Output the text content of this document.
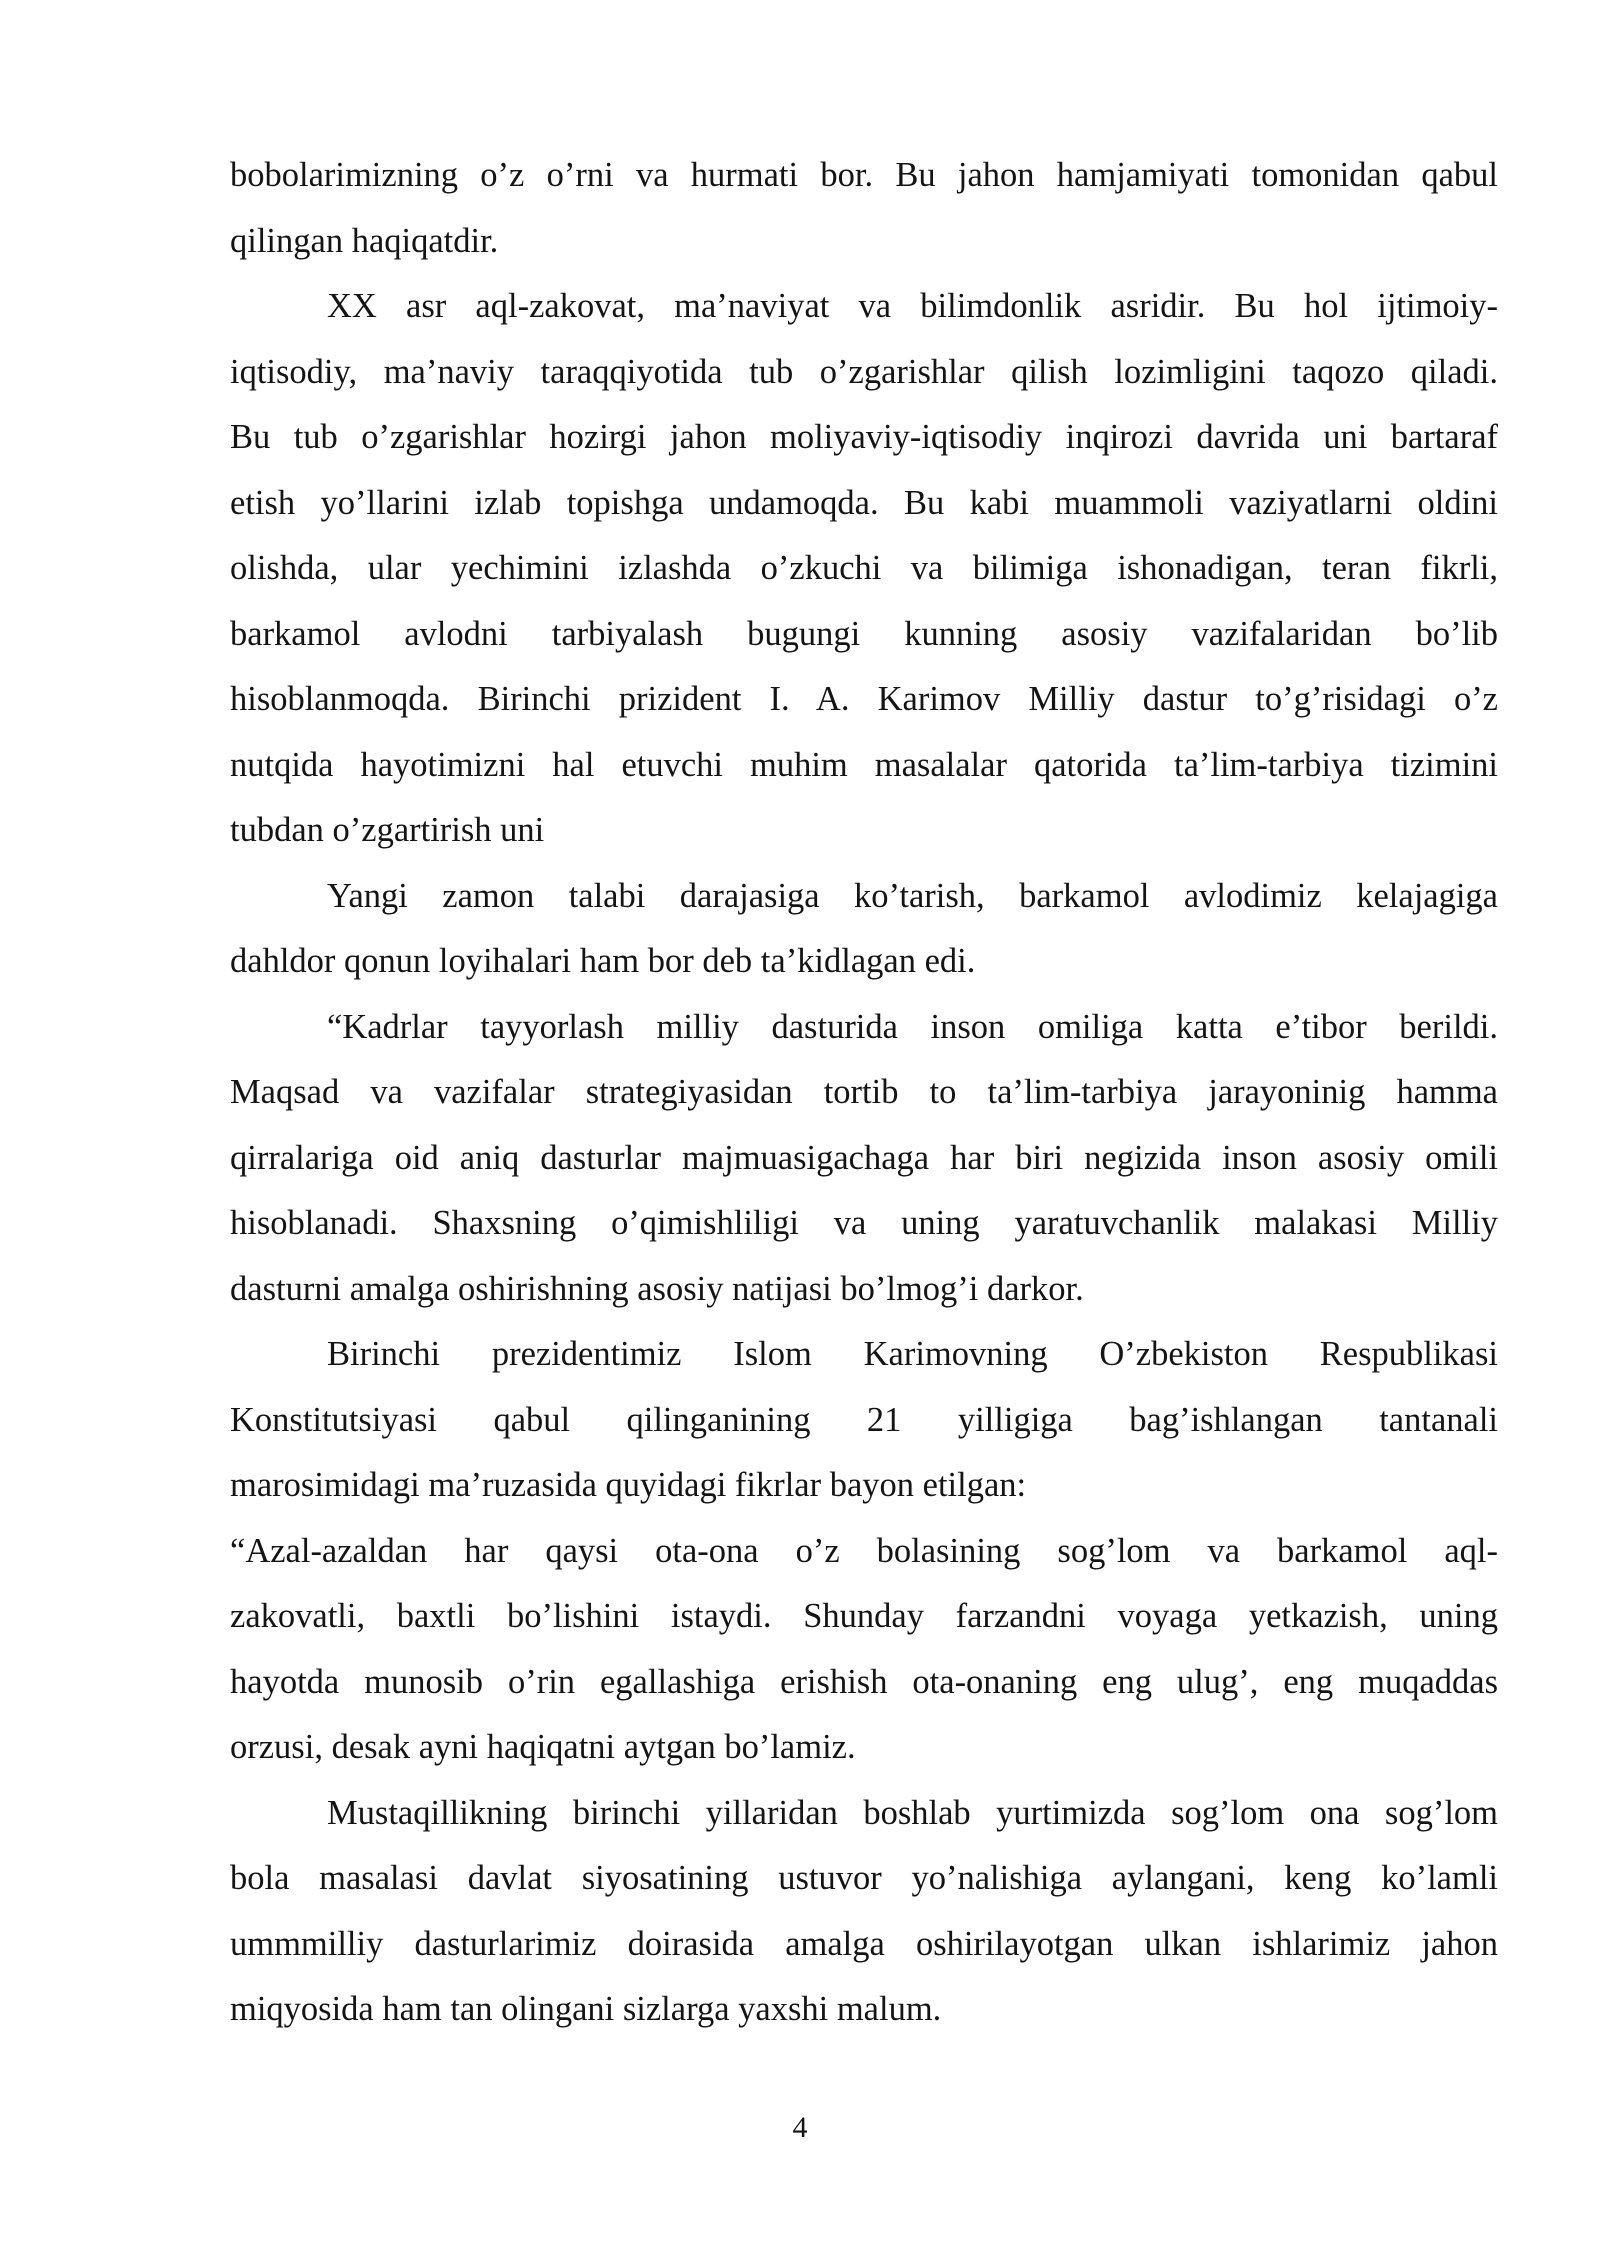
bobolarimizning o’z o’rni va hurmati bor. Bu jahon hamjamiyati tomonidan qabul
qilingan haqiqatdir.
XX asr aql-zakovat, ma’naviyat va bilimdonlik asridir. Bu hol ijtimoiy-
iqtisodiy, ma’naviy taraqqiyotida tub o’zgarishlar qilish lozimligini taqozo qiladi.
Bu tub o’zgarishlar hozirgi jahon moliyaviy-iqtisodiy inqirozi davrida uni bartaraf
etish yo’llarini izlab topishga undamoqda. Bu kabi muammoli vaziyatlarni oldini
olishda, ular yechimini izlashda o’zkuchi va bilimiga ishonadigan, teran fikrli,
barkamol avlodni tarbiyalash bugungi kunning asosiy vazifalaridan bo’lib
hisoblanmoqda. Birinchi prizident I. A. Karimov Milliy dastur to’g’risidagi o’z
nutqida hayotimizni hal etuvchi muhim masalalar qatorida ta’lim-tarbiya tizimini
tubdan o’zgartirish uni
Yangi zamon talabi darajasiga ko’tarish, barkamol avlodimiz kelajagiga
dahldor qonun loyihalari ham bor deb ta’kidlagan edi.
“Kadrlar tayyorlash milliy dasturida inson omiliga katta e’tibor berildi.
Maqsad va vazifalar strategiyasidan tortib to ta’lim-tarbiya jarayoninig hamma
qirralariga oid aniq dasturlar majmuasigachaga har biri negizida inson asosiy omili
hisoblanadi. Shaxsning o’qimishliligi va uning yaratuvchanlik malakasi Milliy
dasturni amalga oshirishning asosiy natijasi bo’lmog’i darkor.
Birinchi prezidentimiz Islom Karimovning O’zbekiston Respublikasi
Konstitutsiyasi qabul qilinganining 21 yilligiga bag’ishlangan tantanali
marosimidagi ma’ruzasida quyidagi fikrlar bayon etilgan:
“Azal-azaldan har qaysi ota-ona o’z bolasining sog’lom va barkamol aql-
zakovatli, baxtli bo’lishini istaydi. Shunday farzandni voyaga yetkazish, uning
hayotda munosib o’rin egallashiga erishish ota-onaning eng ulug’, eng muqaddas
orzusi, desak ayni haqiqatni aytgan bo’lamiz.
Mustaqillikning birinchi yillaridan boshlab yurtimizda sog’lom ona sog’lom
bola masalasi davlat siyosatining ustuvor yo’nalishiga aylangani, keng ko’lamli
ummmilliy dasturlarimiz doirasida amalga oshirilayotgan ulkan ishlarimiz jahon
miqyosida ham tan olingani sizlarga yaxshi malum.
4
